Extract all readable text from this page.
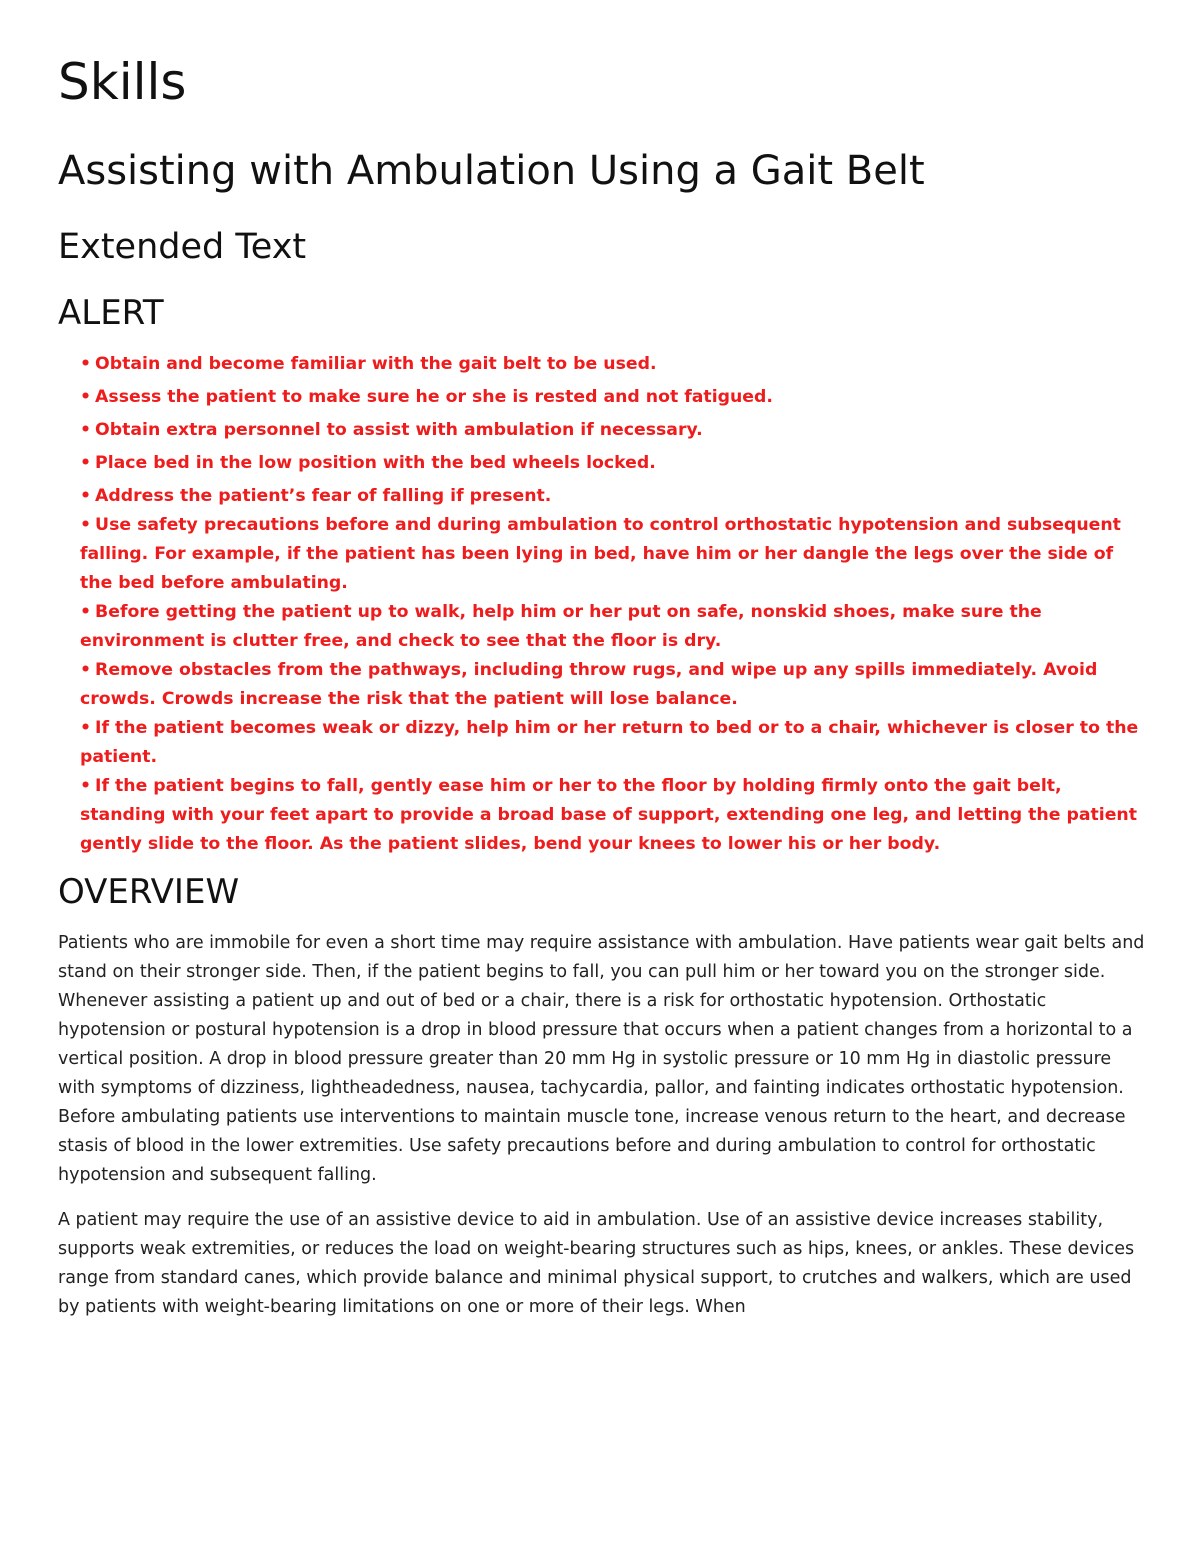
Skills
Assisting with Ambulation Using a Gait Belt
Extended Text
ALERT
• Obtain and become familiar with the gait belt to be used.
• Assess the patient to make sure he or she is rested and not fatigued.
• Obtain extra personnel to assist with ambulation if necessary.
• Place bed in the low position with the bed wheels locked.
• Address the patient’s fear of falling if present.
• Use safety precautions before and during ambulation to control orthostatic hypotension and subsequent falling. For example, if the patient has been lying in bed, have him or her dangle the legs over the side of the bed before ambulating.
• Before getting the patient up to walk, help him or her put on safe, nonskid shoes, make sure the environment is clutter free, and check to see that the floor is dry.
• Remove obstacles from the pathways, including throw rugs, and wipe up any spills immediately. Avoid crowds. Crowds increase the risk that the patient will lose balance.
• If the patient becomes weak or dizzy, help him or her return to bed or to a chair, whichever is closer to the patient.
• If the patient begins to fall, gently ease him or her to the floor by holding firmly onto the gait belt, standing with your feet apart to provide a broad base of support, extending one leg, and letting the patient gently slide to the floor. As the patient slides, bend your knees to lower his or her body.
OVERVIEW

Patients who are immobile for even a short time may require assistance with ambulation. Have patients wear gait belts and stand on their stronger side. Then, if the patient begins to fall, you can pull him or her toward you on the stronger side. Whenever assisting a patient up and out of bed or a chair, there is a risk for orthostatic hypotension. Orthostatic hypotension or postural hypotension is a drop in blood pressure that occurs when a patient changes from a horizontal to a vertical position. A drop in blood pressure greater than 20 mm Hg in systolic pressure or 10 mm Hg in diastolic pressure with symptoms of dizziness, lightheadedness, nausea, tachycardia, pallor, and fainting indicates orthostatic hypotension. Before ambulating patients use interventions to maintain muscle tone, increase venous return to the heart, and decrease stasis of blood in the lower extremities. Use safety precautions before and during ambulation to control for orthostatic hypotension and subsequent falling.

A patient may require the use of an assistive device to aid in ambulation. Use of an assistive device increases stability, supports weak extremities, or reduces the load on weight-bearing structures such as hips, knees, or ankles. These devices range from standard canes, which provide balance and minimal physical support, to crutches and walkers, which are used by patients with weight-bearing limitations on one or more of their legs. When
